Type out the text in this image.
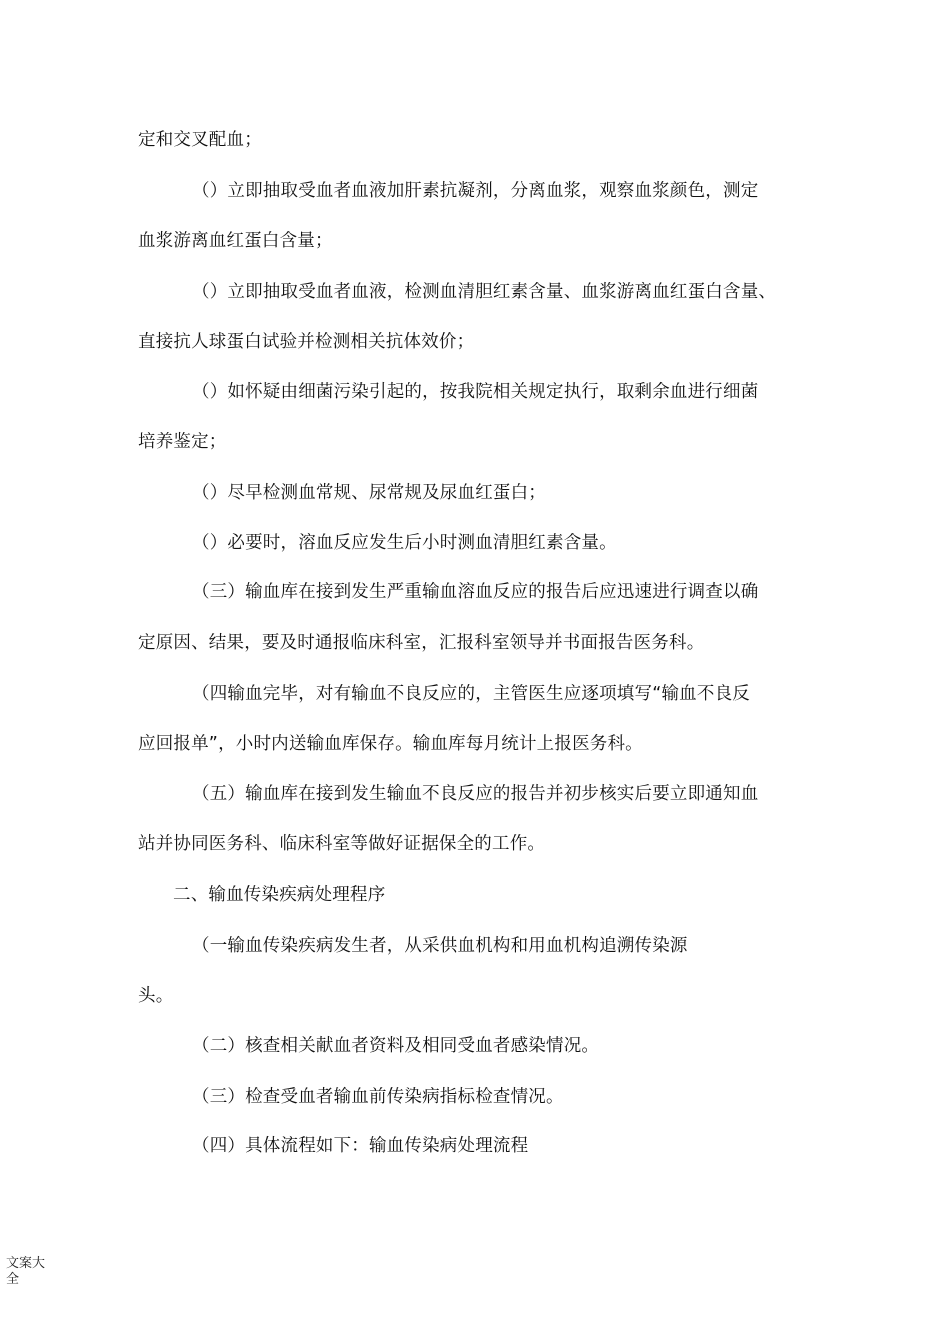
定和交叉配血；

（）立即抽取受血者血液加肝素抗凝剂，分离血浆，观察血浆颜色，测定

血浆游离血红蛋白含量；

（）立即抽取受血者血液，检测血清胆红素含量、血浆游离血红蛋白含量、

直接抗人球蛋白试验并检测相关抗体效价；

（）如怀疑由细菌污染引起的，按我院相关规定执行，取剩余血进行细菌

培养鉴定；

（）尽早检测血常规、尿常规及尿血红蛋白；

（）必要时，溶血反应发生后小时测血清胆红素含量。

（三）输血库在接到发生严重输血溶血反应的报告后应迅速进行调查以确

定原因、结果，要及时通报临床科室，汇报科室领导并书面报告医务科。

（四输血完毕，对有输血不良反应的，主管医生应逐项填写“输血不良反

应回报单”，小时内送输血库保存。输血库每月统计上报医务科。

（五）输血库在接到发生输血不良反应的报告并初步核实后要立即通知血

站并协同医务科、临床科室等做好证据保全的工作。

二、输血传染疾病处理程序

（一输血传染疾病发生者，从采供血机构和用血机构追溯传染源

头。

（二）核查相关献血者资料及相同受血者感染情况。

（三）检查受血者输血前传染病指标检查情况。

（四）具体流程如下：输血传染病处理流程

文案大全
